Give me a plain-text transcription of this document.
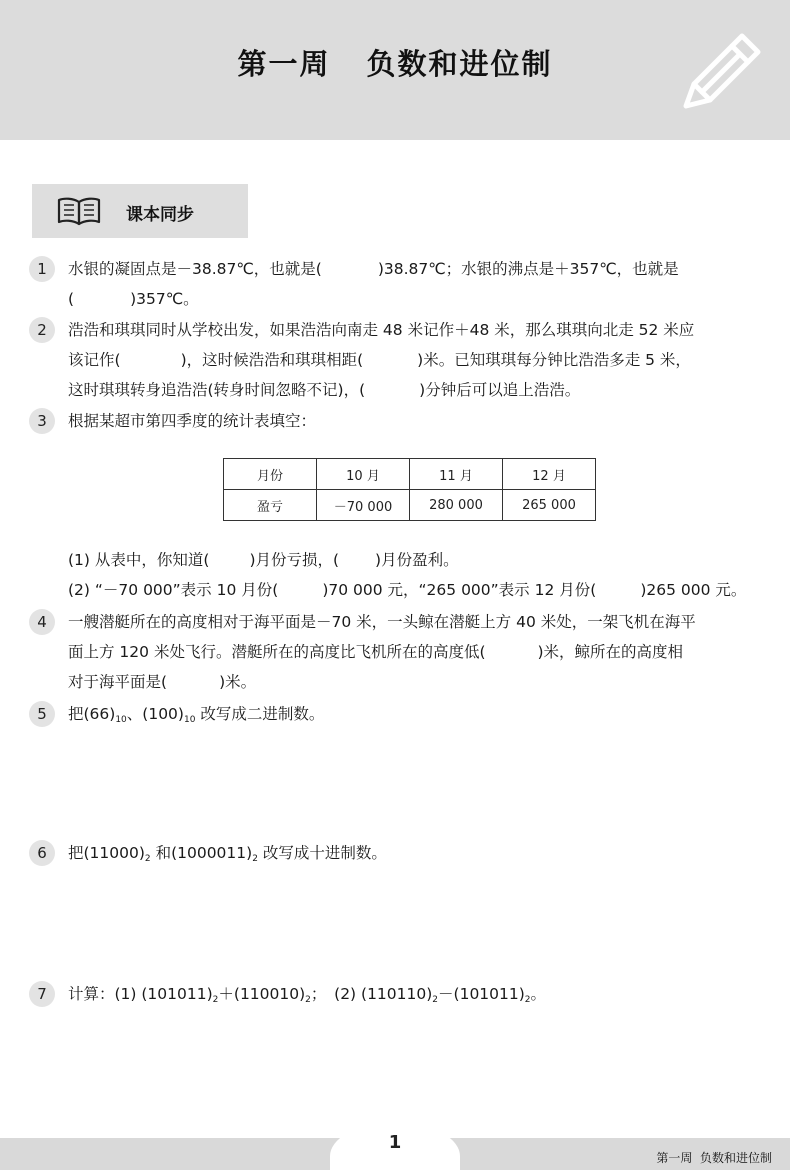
第一周 负数和进位制
课本同步
1	水银的凝固点是－38.87℃，也就是(	)38.87℃；水银的沸点是＋357℃，也就是
(	)357℃。
2	浩浩和琪琪同时从学校出发，如果浩浩向南走 48 米记作＋48 米，那么琪琪向北走 52 米应
该记作(	)，这时候浩浩和琪琪相距(	)米。已知琪琪每分钟比浩浩多走 5 米，
这时琪琪转身追浩浩(转身时间忽略不记)，(	)分钟后可以追上浩浩。
3	根据某超市第四季度的统计表填空：
月份	10 月	11 月	12 月
盈亏	－70 000	280 000	265 000
(1) 从表中，你知道(	)月份亏损，( )月份盈利。
(2) “－70 000”表示 10 月份(	)70 000 元，“265 000”表示 12 月份(	)265 000 元。
4	一艘潜艇所在的高度相对于海平面是－70 米，一头鲸在潜艇上方 40 米处，一架飞机在海平
面上方 120 米处飞行。潜艇所在的高度比飞机所在的高度低(	)米，鲸所在的高度相
对于海平面是(	)米。
5	把$(66)_{10}$、$(100)_{10}$ 改写成二进制数。
6	把$(11000)_2$ 和$(1000011)_2$ 改写成十进制数。
7	计算：(1) $(101011)_2+(110010)_2$；　(2) $(110110)_2-(101011)_2$。
1
第一周  负数和进位制
